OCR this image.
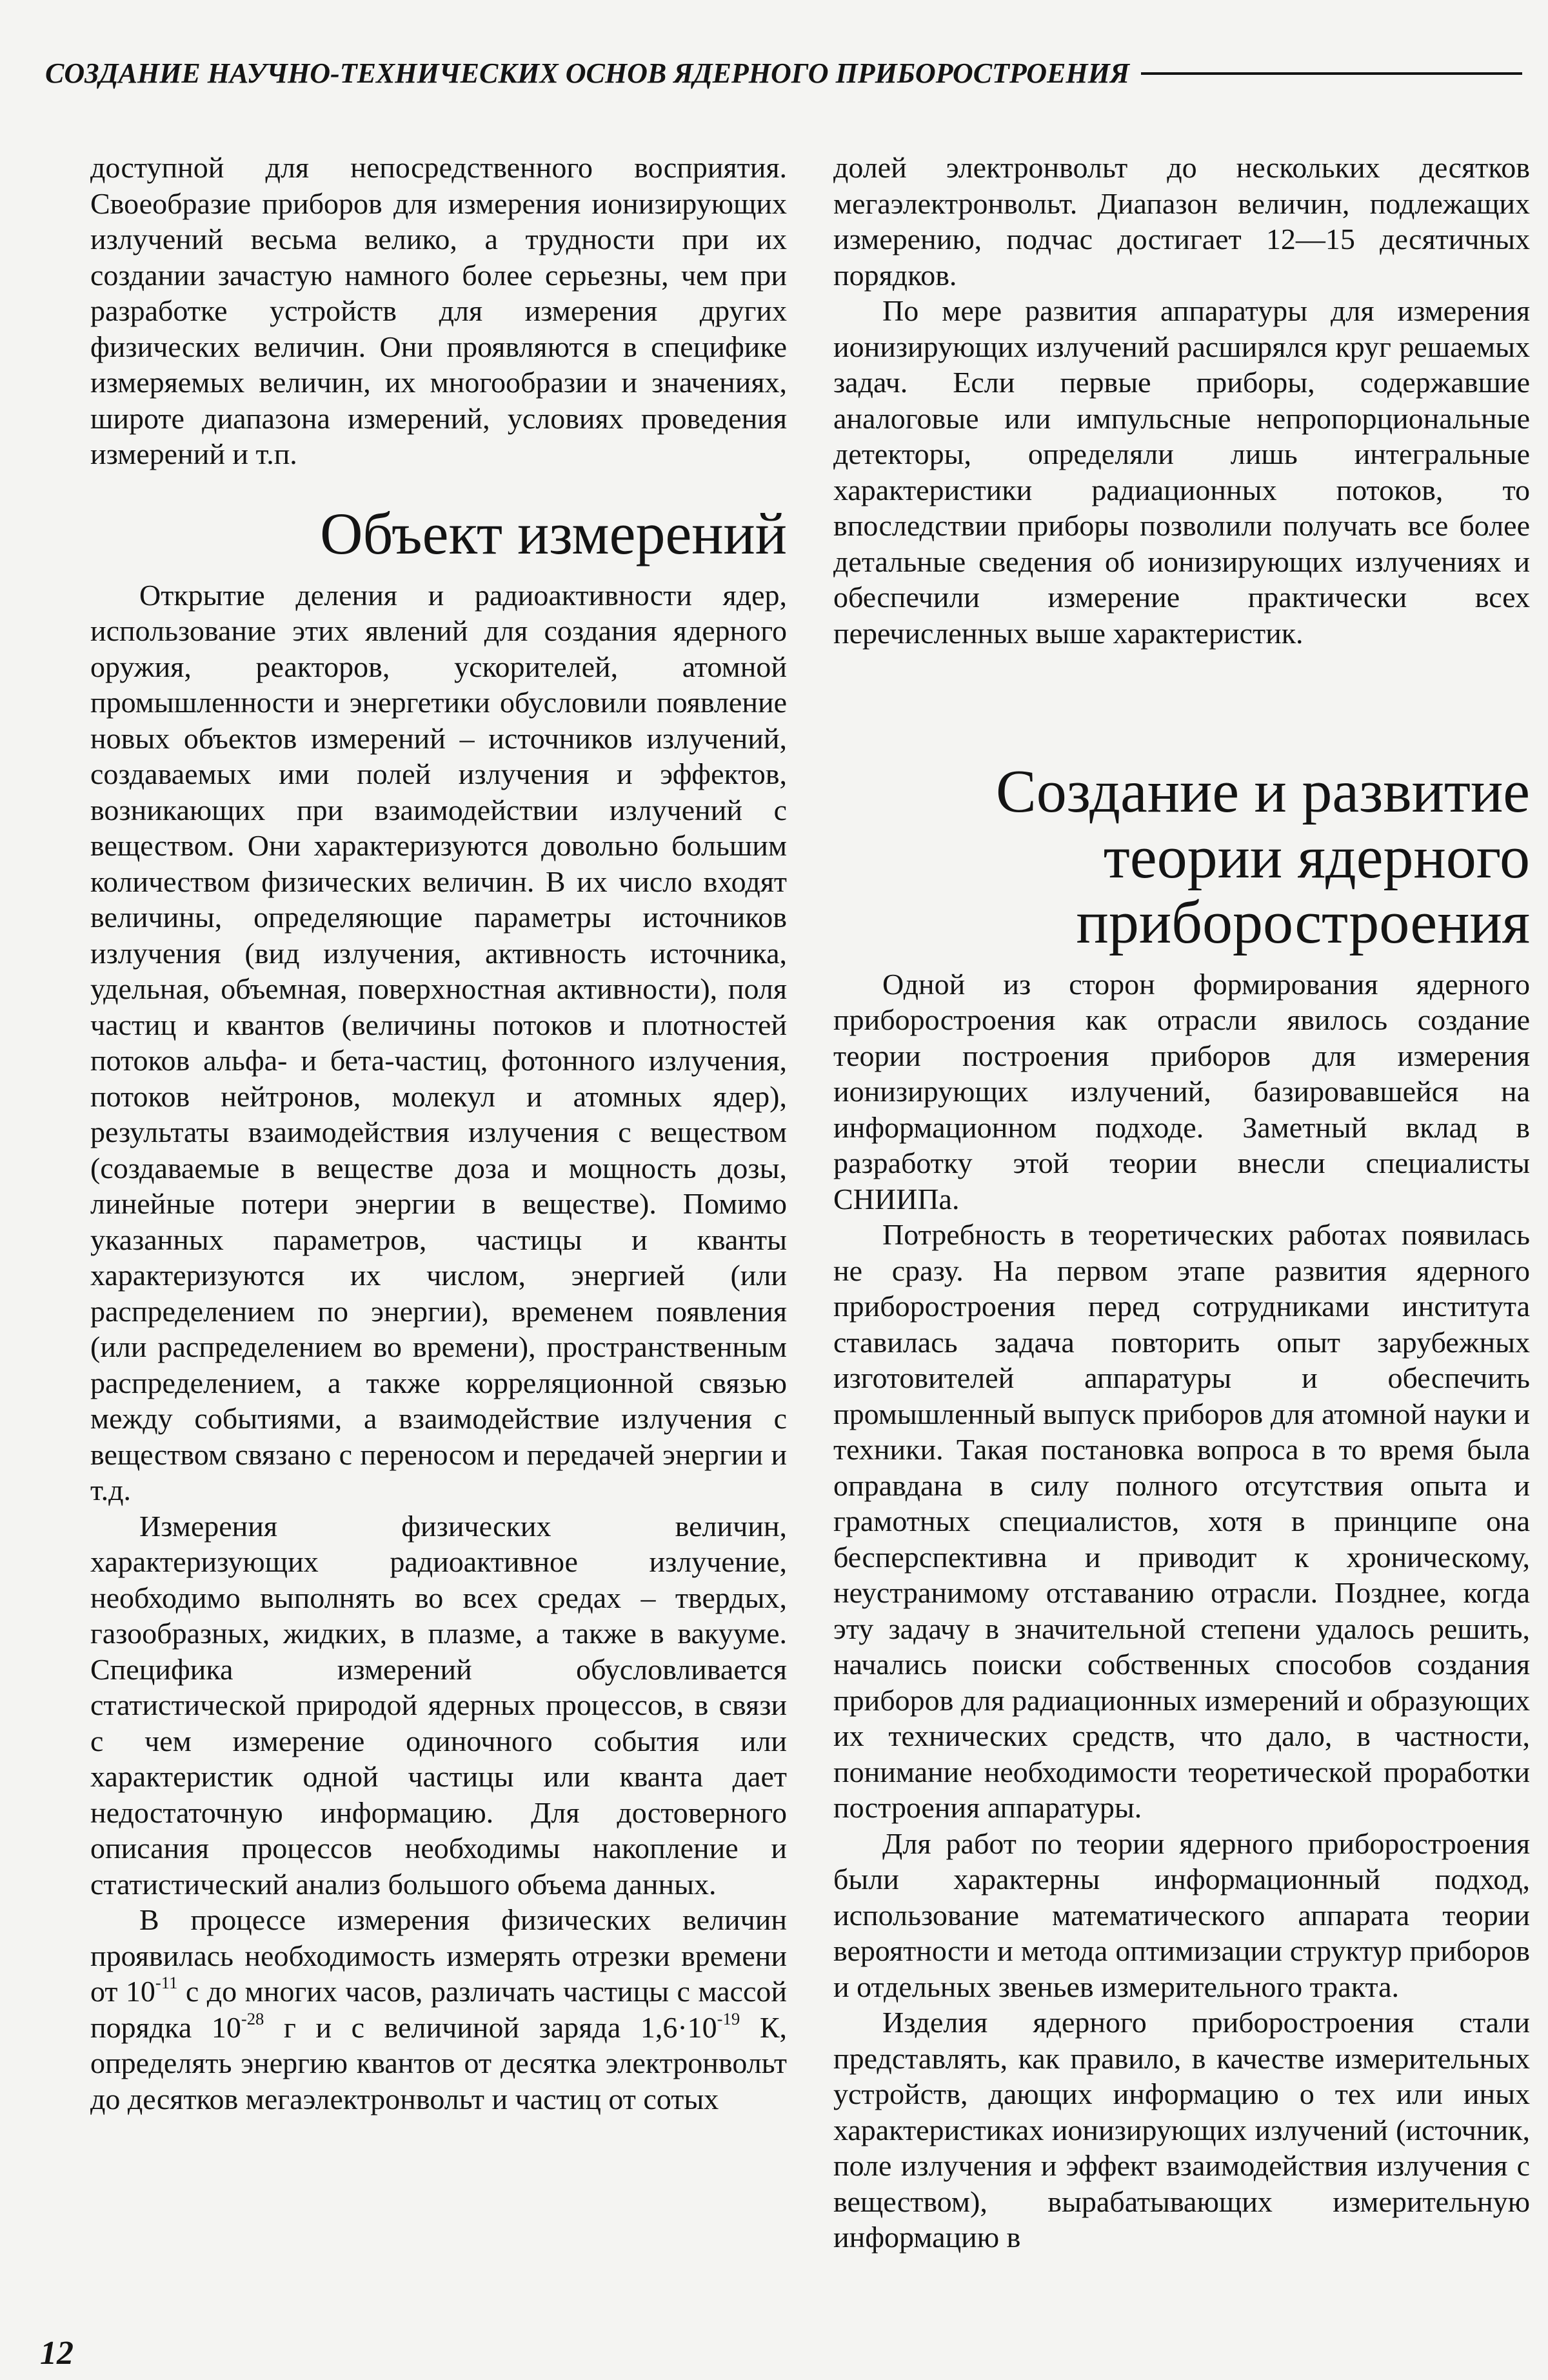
СОЗДАНИЕ НАУЧНО-ТЕХНИЧЕСКИХ ОСНОВ ЯДЕРНОГО ПРИБОРОСТРОЕНИЯ

доступной для непосредственного восприятия. Своеобразие приборов для измерения ионизирующих излучений весьма велико, а трудности при их создании зачастую намного более серьезны, чем при разработке устройств для измерения других физических величин. Они проявляются в специфике измеряемых величин, их многообразии и значениях, широте диапазона измерений, условиях проведения измерений и т.п.

Объект измерений

Открытие деления и радиоактивности ядер, использование этих явлений для создания ядерного оружия, реакторов, ускорителей, атомной промышленности и энергетики обусловили появление новых объектов измерений – источников излучений, создаваемых ими полей излучения и эффектов, возникающих при взаимодействии излучений с веществом. Они характеризуются довольно большим количеством физических величин. В их число входят величины, определяющие параметры источников излучения (вид излучения, активность источника, удельная, объемная, поверхностная активности), поля частиц и квантов (величины потоков и плотностей потоков альфа- и бета-частиц, фотонного излучения, потоков нейтронов, молекул и атомных ядер), результаты взаимодействия излучения с веществом (создаваемые в веществе доза и мощность дозы, линейные потери энергии в веществе). Помимо указанных параметров, частицы и кванты характеризуются их числом, энергией (или распределением по энергии), временем появления (или распределением во времени), пространственным распределением, а также корреляционной связью между событиями, а взаимодействие излучения с веществом связано с переносом и передачей энергии и т.д.

Измерения физических величин, характеризующих радиоактивное излучение, необходимо выполнять во всех средах – твердых, газообразных, жидких, в плазме, а также в вакууме. Специфика измерений обусловливается статистической природой ядерных процессов, в связи с чем измерение одиночного события или характеристик одной частицы или кванта дает недостаточную информацию. Для достоверного описания процессов необходимы накопление и статистический анализ большого объема данных.

В процессе измерения физических величин проявилась необходимость измерять отрезки времени от $10^{-11}$ с до многих часов, различать частицы с массой порядка $10^{-28}$ г и с величиной заряда $1,6\cdot 10^{-19}$ К, определять энергию квантов от десятка электронвольт до десятков мегаэлектронвольт и частиц от сотых

долей электронвольт до нескольких десятков мегаэлектронвольт. Диапазон величин, подлежащих измерению, подчас достигает 12—15 десятичных порядков.

По мере развития аппаратуры для измерения ионизирующих излучений расширялся круг решаемых задач. Если первые приборы, содержавшие аналоговые или импульсные непропорциональные детекторы, определяли лишь интегральные характеристики радиационных потоков, то впоследствии приборы позволили получать все более детальные сведения об ионизирующих излучениях и обеспечили измерение практически всех перечисленных выше характеристик.

Создание и развитие
теории ядерного
приборостроения

Одной из сторон формирования ядерного приборостроения как отрасли явилось создание теории построения приборов для измерения ионизирующих излучений, базировавшейся на информационном подходе. Заметный вклад в разработку этой теории внесли специалисты СНИИПа.

Потребность в теоретических работах появилась не сразу. На первом этапе развития ядерного приборостроения перед сотрудниками института ставилась задача повторить опыт зарубежных изготовителей аппаратуры и обеспечить промышленный выпуск приборов для атомной науки и техники. Такая постановка вопроса в то время была оправдана в силу полного отсутствия опыта и грамотных специалистов, хотя в принципе она бесперспективна и приводит к хроническому, неустранимому отставанию отрасли. Позднее, когда эту задачу в значительной степени удалось решить, начались поиски собственных способов создания приборов для радиационных измерений и образующих их технических средств, что дало, в частности, понимание необходимости теоретической проработки построения аппаратуры.

Для работ по теории ядерного приборостроения были характерны информационный подход, использование математического аппарата теории вероятности и метода оптимизации структур приборов и отдельных звеньев измерительного тракта.

Изделия ядерного приборостроения стали представлять, как правило, в качестве измерительных устройств, дающих информацию о тех или иных характеристиках ионизирующих излучений (источник, поле излучения и эффект взаимодействия излучения с веществом), вырабатывающих измерительную информацию в

12
